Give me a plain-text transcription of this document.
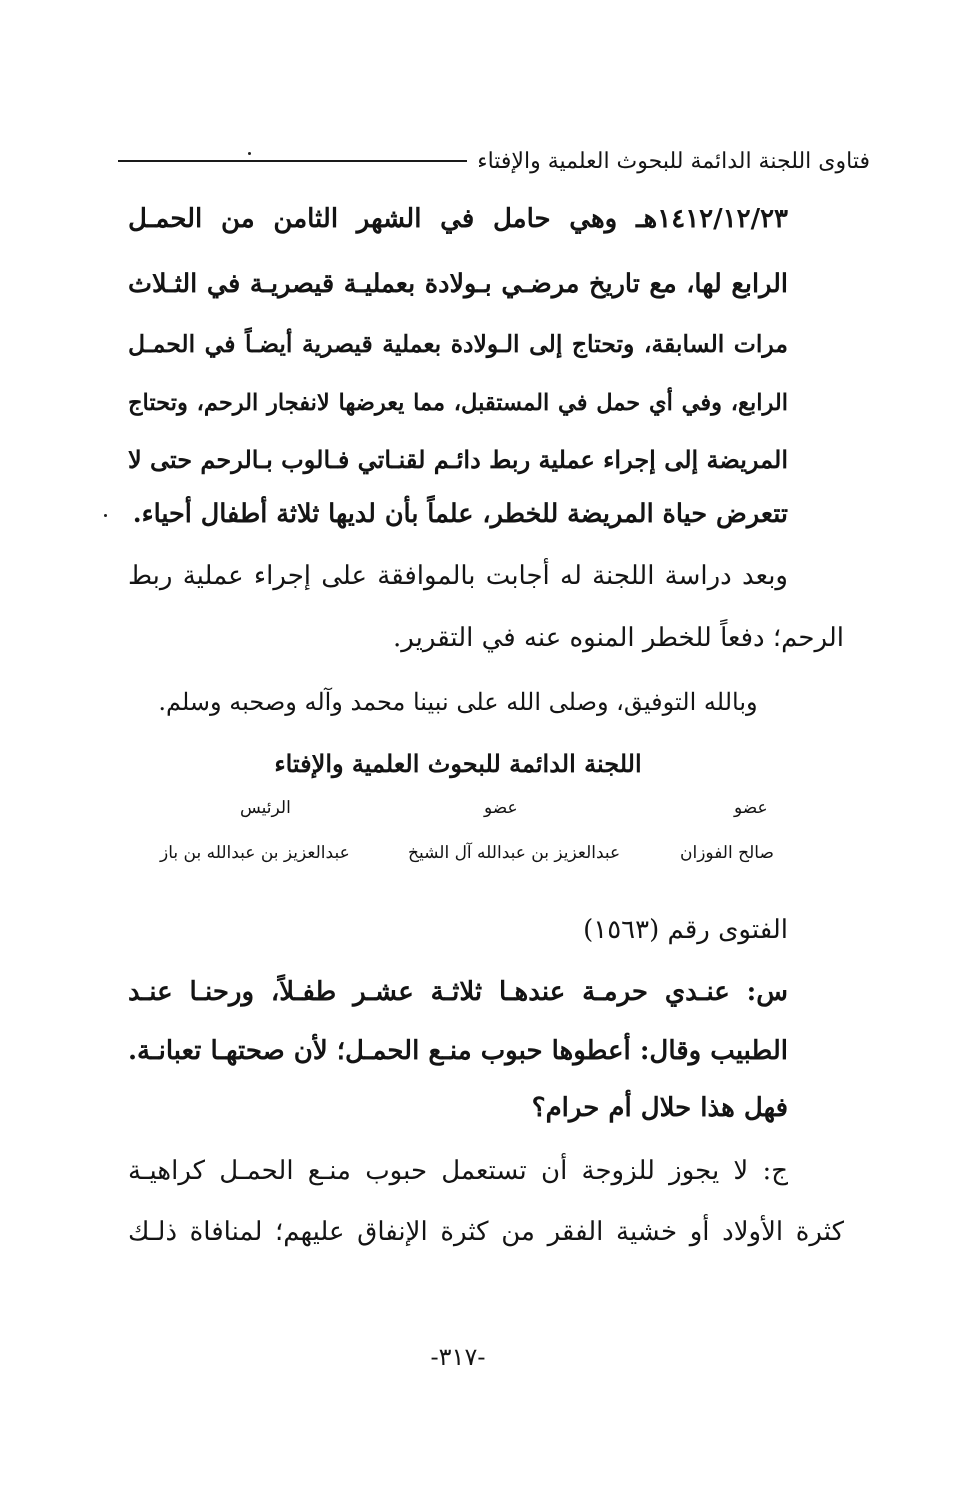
فتاوى اللجنة الدائمة للبحوث العلمية والإفتاء
١٤١٢/١٢/٢٣هـ وهي حامل في الشهر الثامن من الحمـل
الرابع لها، مع تاريخ مرضـي بـولادة بعمليـة قيصريـة في الثـلاث
مرات السابقة، وتحتاج إلى الـولادة بعملية قيصرية أيضـاً في الحمـل
الرابع، وفي أي حمل في المستقبل، مما يعرضها لانفجار الرحم، وتحتاج
المريضة إلى إجراء عملية ربط دائـم لقنـاتي فـالوب بـالرحم حتى لا
تتعرض حياة المريضة للخطر، علماً بأن لديها ثلاثة أطفال أحياء.
وبعد دراسة اللجنة له أجابت بالموافقة على إجراء عملية ربط
الرحم؛ دفعاً للخطر المنوه عنه في التقرير.
وبالله التوفيق، وصلى الله على نبينا محمد وآله وصحبه وسلم.
اللجنة الدائمة للبحوث العلمية والإفتاء
الرئيس	عضو	عضو
عبدالعزيز بن عبدالله بن باز	عبدالعزيز بن عبدالله آل الشيخ	صالح الفوزان
الفتوى رقم (١٥٦٣)
س: عنـدي حرمـة عندهـا ثلاثـة عشـر طفـلاً، ورحنـا عنـد
الطبيب وقال: أعطوها حبوب منـع الحمـل؛ لأن صحتهـا تعبانـة.
فهل هذا حلال أم حرام؟
ج: لا يجوز للزوجة أن تستعمل حبوب منـع الحمـل كراهيـة
كثرة الأولاد أو خشية الفقر من كثرة الإنفاق عليهم؛ لمنافاة ذلـك
-٣١٧-
